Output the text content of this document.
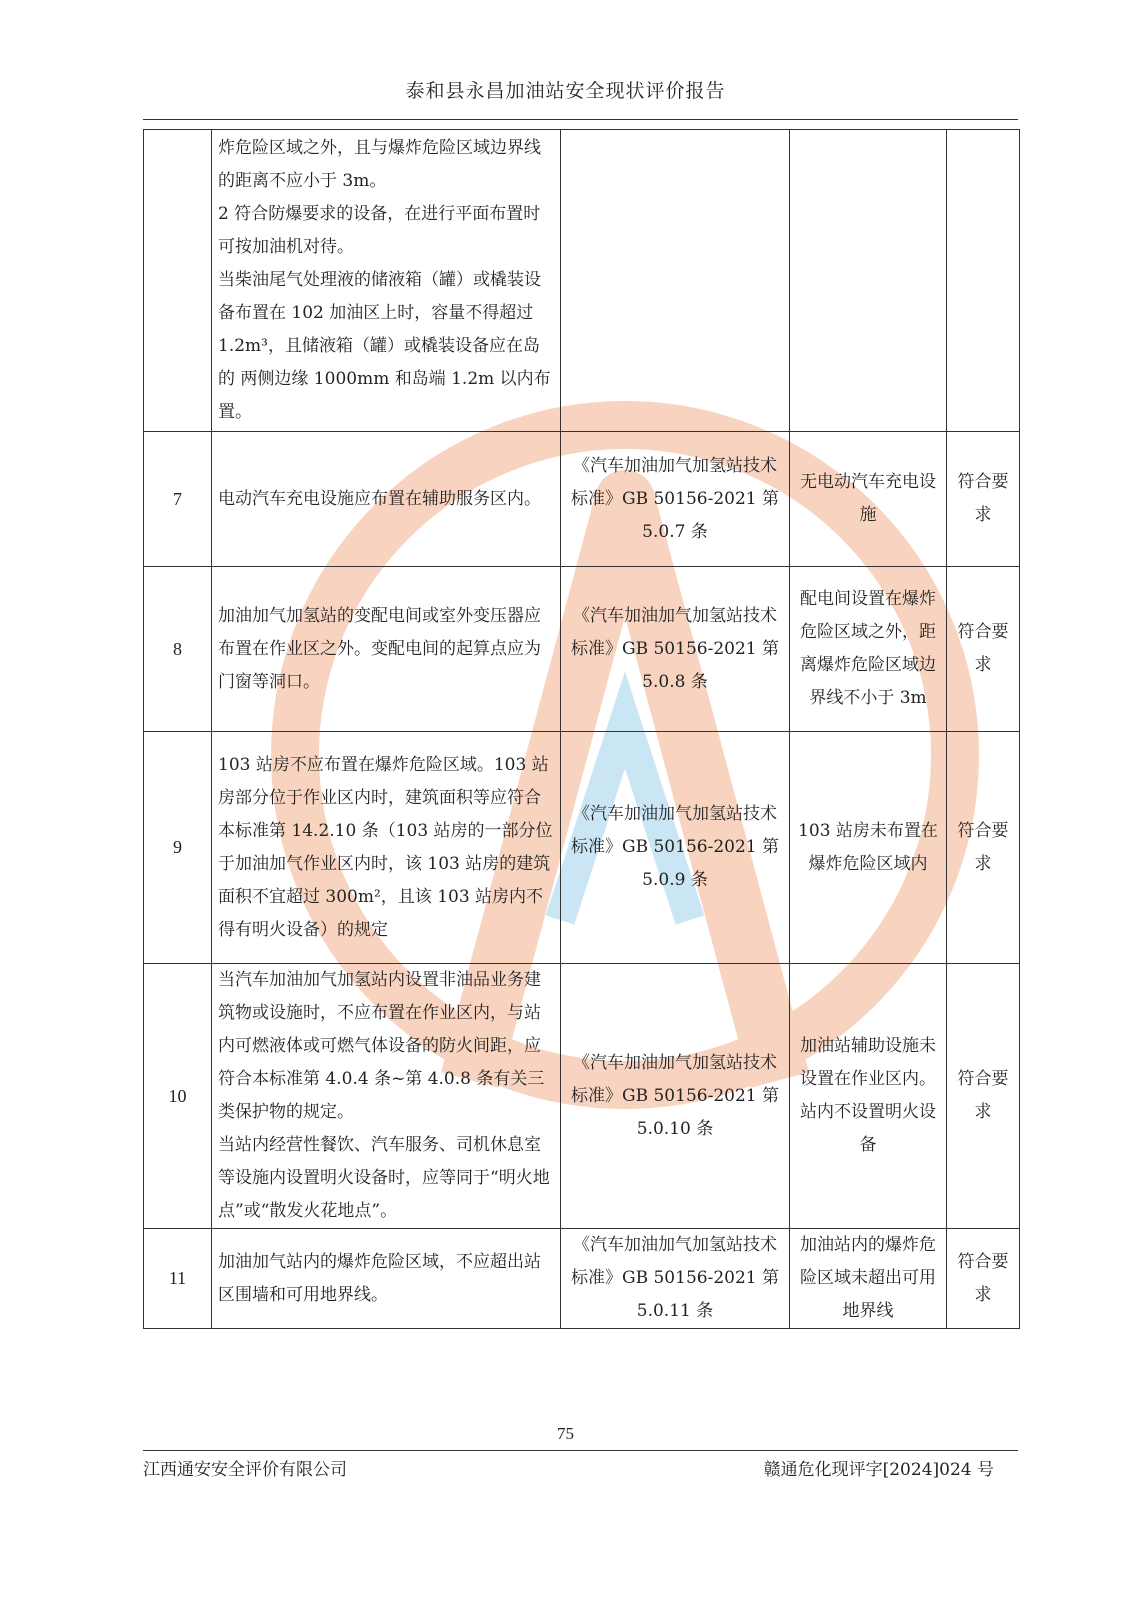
泰和县永昌加油站安全现状评价报告

	炸危险区域之外，且与爆炸危险区域边界线的距离不应小于 3m。
2 符合防爆要求的设备，在进行平面布置时可按加油机对待。
当柴油尾气处理液的储液箱（罐）或橇装设备布置在 102 加油区上时，容量不得超过 1.2m³，且储液箱（罐）或橇装设备应在岛的 两侧边缘 1000mm 和岛端 1.2m 以内布置。			

7	电动汽车充电设施应布置在辅助服务区内。	《汽车加油加气加氢站技术标准》GB 50156-2021 第 5.0.7 条	无电动汽车充电设施	符合要求
8	加油加气加氢站的变配电间或室外变压器应布置在作业区之外。变配电间的起算点应为门窗等洞口。	《汽车加油加气加氢站技术标准》GB 50156-2021 第 5.0.8 条	配电间设置在爆炸危险区域之外，距离爆炸危险区域边界线不小于 3m	符合要求
9	103 站房不应布置在爆炸危险区域。103 站房部分位于作业区内时，建筑面积等应符合本标准第 14.2.10 条（103 站房的一部分位于加油加气作业区内时，该 103 站房的建筑面积不宜超过 300m²，且该 103 站房内不得有明火设备）的规定	《汽车加油加气加氢站技术标准》GB 50156-2021 第 5.0.9 条	103 站房未布置在爆炸危险区域内	符合要求
10	当汽车加油加气加氢站内设置非油品业务建筑物或设施时，不应布置在作业区内，与站内可燃液体或可燃气体设备的防火间距，应符合本标准第 4.0.4 条~第 4.0.8 条有关三类保护物的规定。
当站内经营性餐饮、汽车服务、司机休息室等设施内设置明火设备时，应等同于“明火地点”或“散发火花地点”。	《汽车加油加气加氢站技术标准》GB 50156-2021 第 5.0.10 条	加油站辅助设施未设置在作业区内。站内不设置明火设备	符合要求
11	加油加气站内的爆炸危险区域，不应超出站区围墙和可用地界线。	《汽车加油加气加氢站技术标准》GB 50156-2021 第 5.0.11 条	加油站内的爆炸危险区域未超出可用地界线	符合要求
75
江西通安安全评价有限公司	赣通危化现评字[2024]024 号
